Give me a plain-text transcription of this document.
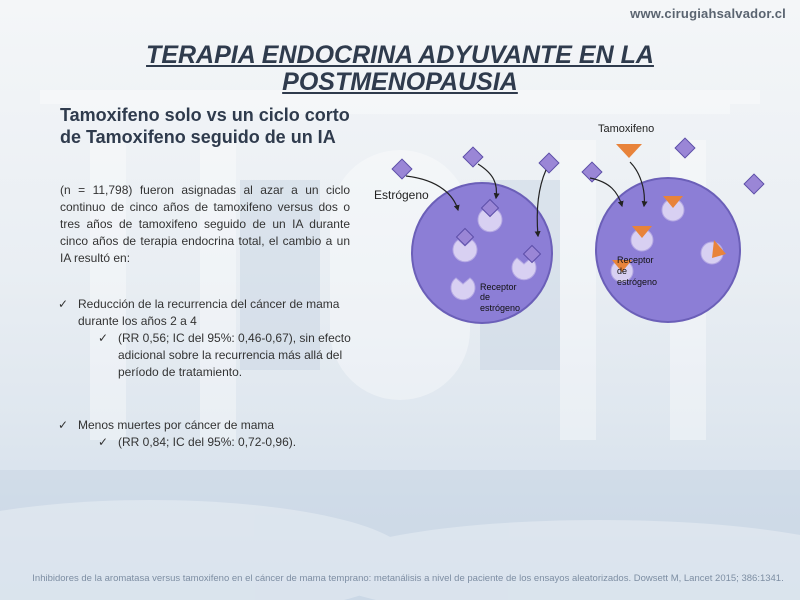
www.cirugiahsalvador.cl
TERAPIA ENDOCRINA ADYUVANTE EN LA
POSTMENOPAUSIA
Tamoxifeno solo vs un ciclo corto de Tamoxifeno seguido de un IA
(n = 11,798) fueron asignadas al azar a un ciclo continuo de cinco años de tamoxifeno versus dos o tres años de tamoxifeno seguido de un IA durante cinco años de terapia endocrina total, el cambio a un IA resultó en:
✓ Reducción de la recurrencia del cáncer de mama durante los años 2 a 4
✓ (RR 0,56; IC del 95%: 0,46-0,67), sin efecto adicional sobre la recurrencia más allá del período de tratamiento.
✓ Menos muertes por cáncer de mama
✓ (RR 0,84; IC del 95%: 0,72-0,96).
Estrógeno
Tamoxifeno
Receptor
de
estrógeno
Receptor
de
estrógeno
Inhibidores de la aromatasa versus tamoxifeno en el cáncer de mama temprano: metanálisis a nivel de paciente de los ensayos aleatorizados. Dowsett M, Lancet 2015; 386:1341.
